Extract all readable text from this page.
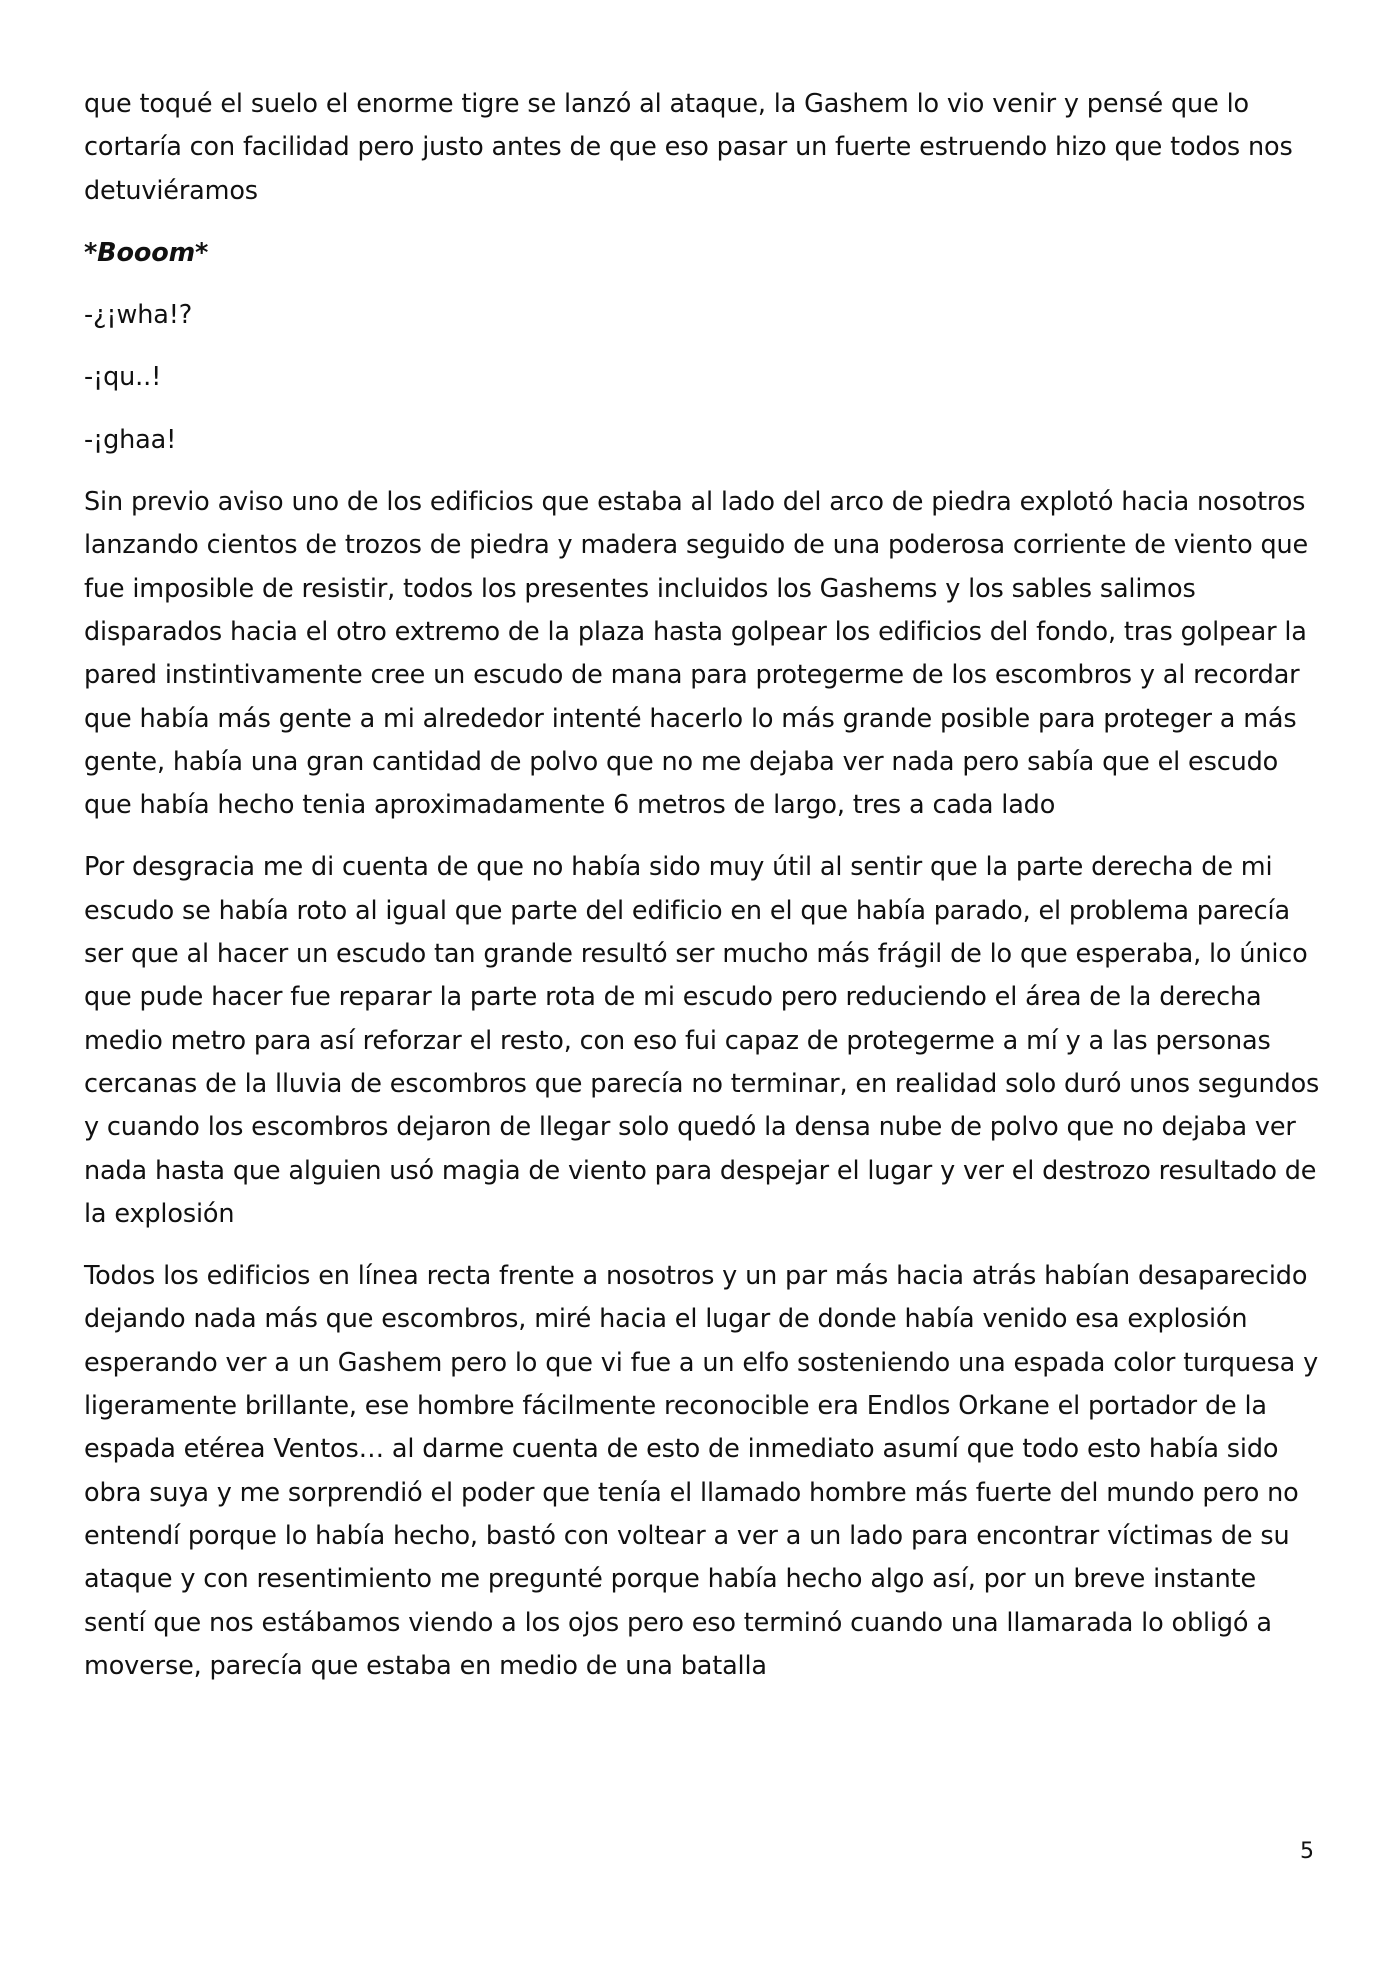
que toqué el suelo el enorme tigre se lanzó al ataque, la Gashem lo vio venir y pensé que lo cortaría con facilidad pero justo antes de que eso pasar un fuerte estruendo hizo que todos nos detuviéramos

*Booom*

-¿¡wha!?

-¡qu..!

-¡ghaa!

Sin previo aviso uno de los edificios que estaba al lado del arco de piedra explotó hacia nosotros lanzando cientos de trozos de piedra y madera seguido de una poderosa corriente de viento que fue imposible de resistir, todos los presentes incluidos los Gashems y los sables salimos disparados hacia el otro extremo de la plaza hasta golpear los edificios del fondo, tras golpear la pared instintivamente cree un escudo de mana para protegerme de los escombros y al recordar que había más gente a mi alrededor intenté hacerlo lo más grande posible para proteger a más gente, había una gran cantidad de polvo que no me dejaba ver nada pero sabía que el escudo que había hecho tenia aproximadamente 6 metros de largo, tres a cada lado

Por desgracia me di cuenta de que no había sido muy útil al sentir que la parte derecha de mi escudo se había roto al igual que parte del edificio en el que había parado, el problema parecía ser que al hacer un escudo tan grande resultó ser mucho más frágil de lo que esperaba, lo único que pude hacer fue reparar la parte rota de mi escudo pero reduciendo el área de la derecha medio metro para así reforzar el resto, con eso fui capaz de protegerme a mí y a las personas cercanas de la lluvia de escombros que parecía no terminar, en realidad solo duró unos segundos y cuando los escombros dejaron de llegar solo quedó la densa nube de polvo que no dejaba ver nada hasta que alguien usó magia de viento para despejar el lugar y ver el destrozo resultado de la explosión

Todos los edificios en línea recta frente a nosotros y un par más hacia atrás habían desaparecido dejando nada más que escombros, miré hacia el lugar de donde había venido esa explosión esperando ver a un Gashem pero lo que vi fue a un elfo sosteniendo una espada color turquesa y ligeramente brillante, ese hombre fácilmente reconocible era Endlos Orkane el portador de la espada etérea Ventos… al darme cuenta de esto de inmediato asumí que todo esto había sido obra suya y me sorprendió el poder que tenía el llamado hombre más fuerte del mundo pero no entendí porque lo había hecho, bastó con voltear a ver a un lado para encontrar víctimas de su ataque y con resentimiento me pregunté porque había hecho algo así, por un breve instante sentí que nos estábamos viendo a los ojos pero eso terminó cuando una llamarada lo obligó a moverse, parecía que estaba en medio de una batalla

5
